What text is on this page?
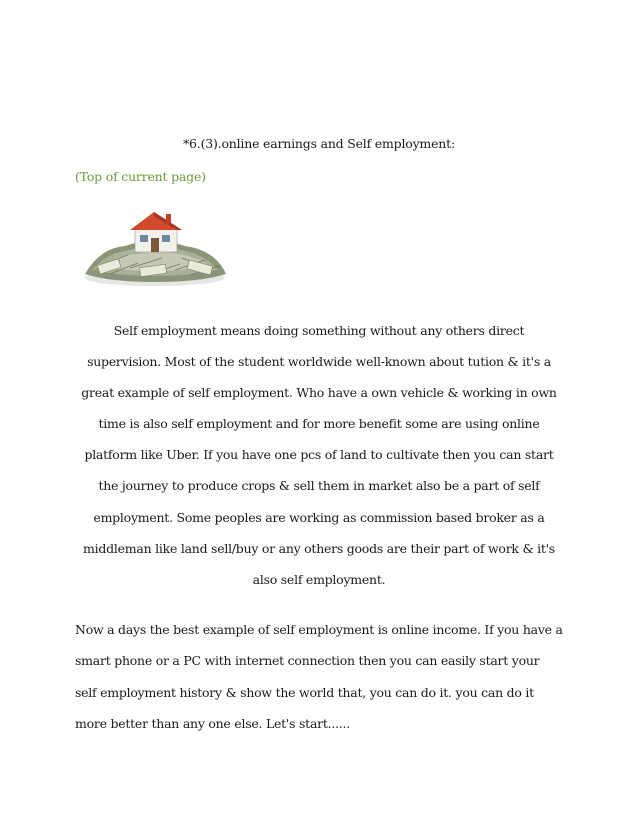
*6.(3).online earnings and Self employment:
(Top of current page)
Self employment means doing something without any others direct
supervision. Most of the student worldwide well-known about tution & it's a
great example of self employment. Who have a own vehicle & working in own
time is also self employment and for more benefit some are using online
platform like Uber. If you have one pcs of land to cultivate then you can start
the journey to produce crops & sell them in market also be a part of self
employment. Some peoples are working as commission based broker as a
middleman like land sell/buy or any others goods are their part of work & it's
also self employment.
Now a days the best example of self employment is online income. If you have a
smart phone or a PC with internet connection then you can easily start your
self employment history & show the world that, you can do it. you can do it
more better than any one else. Let's start......
